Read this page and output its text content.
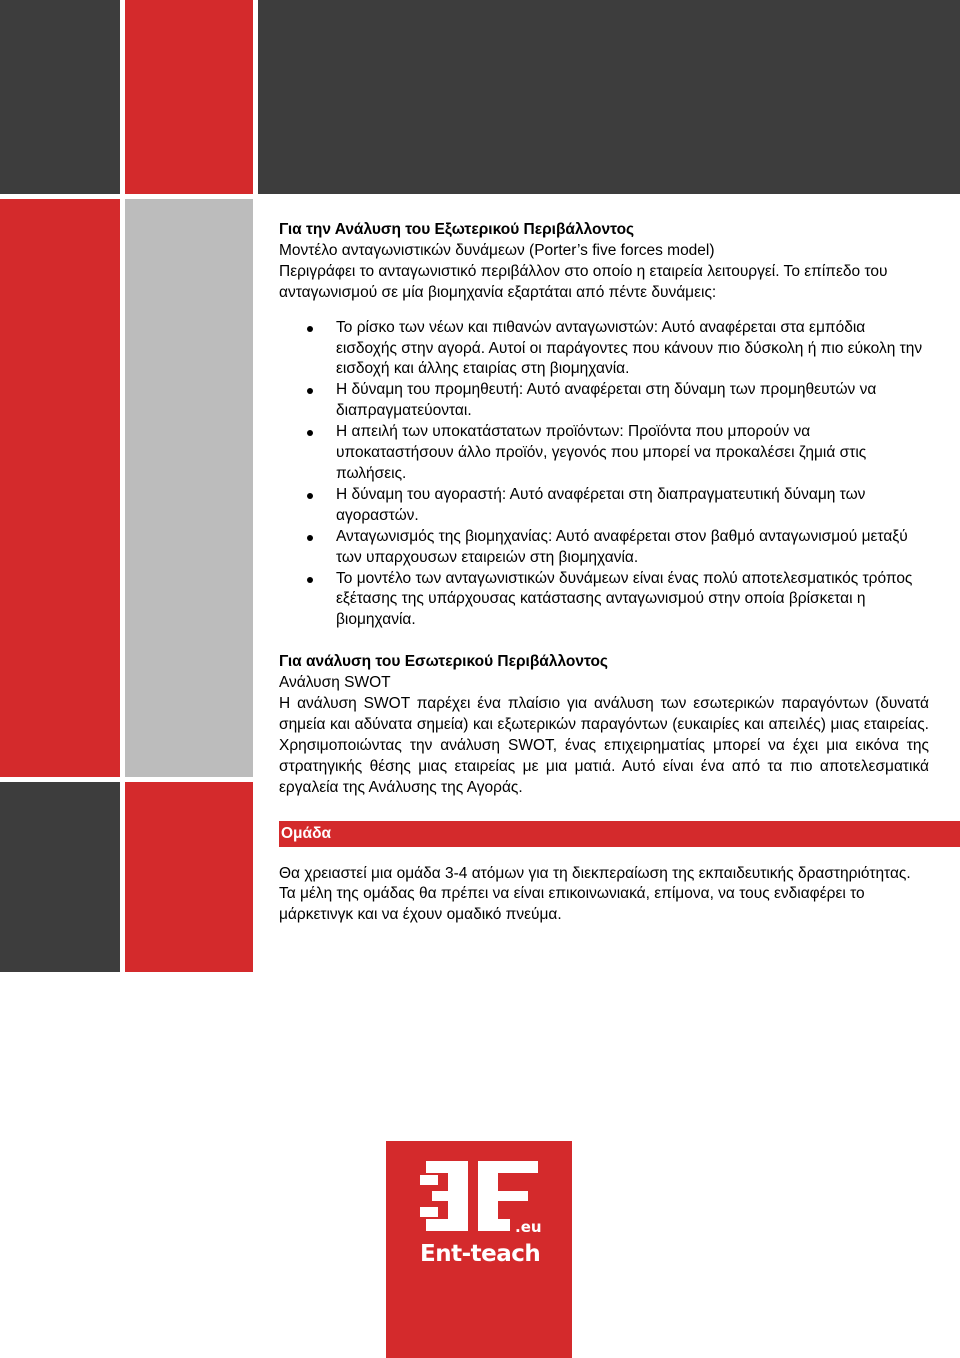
Για την Ανάλυση του Εξωτερικού Περιβάλλοντος

Μοντέλο ανταγωνιστικών δυνάμεων (Porter’s five forces model)

Περιγράφει το ανταγωνιστικό περιβάλλον στο οποίο η εταιρεία λειτουργεί. Το επίπεδο του ανταγωνισμού σε μία βιομηχανία εξαρτάται από πέντε δυνάμεις:

Το ρίσκο των νέων και πιθανών ανταγωνιστών: Αυτό αναφέρεται στα εμπόδια εισδοχής στην αγορά. Αυτοί οι παράγοντες που κάνουν πιο δύσκολη ή πιο εύκολη την εισδοχή και άλλης εταιρίας στη βιομηχανία.
Η δύναμη του προμηθευτή: Αυτό αναφέρεται στη δύναμη των προμηθευτών να διαπραγματεύονται.
Η απειλή των υποκατάστατων προϊόντων: Προϊόντα που μπορούν να υποκαταστήσουν άλλο προϊόν, γεγονός που μπορεί να προκαλέσει ζημιά στις πωλήσεις.
Η δύναμη του αγοραστή: Αυτό αναφέρεται στη διαπραγματευτική δύναμη των αγοραστών.
Ανταγωνισμός της βιομηχανίας: Αυτό αναφέρεται στον βαθμό ανταγωνισμού μεταξύ των υπαρχουσων εταιρειών στη βιομηχανία.
Το μοντέλο των ανταγωνιστικών δυνάμεων είναι ένας πολύ αποτελεσματικός τρόπος εξέτασης της υπάρχουσας κατάστασης ανταγωνισμού στην οποία βρίσκεται η βιομηχανία.

Για ανάλυση του Εσωτερικού Περιβάλλοντος

Ανάλυση SWOT

Η ανάλυση SWOT παρέχει ένα πλαίσιο για ανάλυση των εσωτερικών παραγόντων (δυνατά σημεία και αδύνατα σημεία) και εξωτερικών παραγόντων (ευκαιρίες και απειλές) μιας εταιρείας. Χρησιμοποιώντας την ανάλυση SWOT, ένας επιχειρηματίας μπορεί να έχει μια εικόνα της στρατηγικής θέσης μιας εταιρείας με μια ματιά. Αυτό είναι ένα από τα πιο αποτελεσματικά εργαλεία της Ανάλυσης της Αγοράς.

Ομάδα

Θα χρειαστεί μια ομάδα 3-4 ατόμων για τη διεκπεραίωση της εκπαιδευτικής δραστηριότητας. Τα μέλη της ομάδας θα πρέπει να είναι επικοινωνιακά, επίμονα, να τους ενδιαφέρει το μάρκετινγκ και να έχουν ομαδικό πνεύμα.

.eu
Ent-teach
